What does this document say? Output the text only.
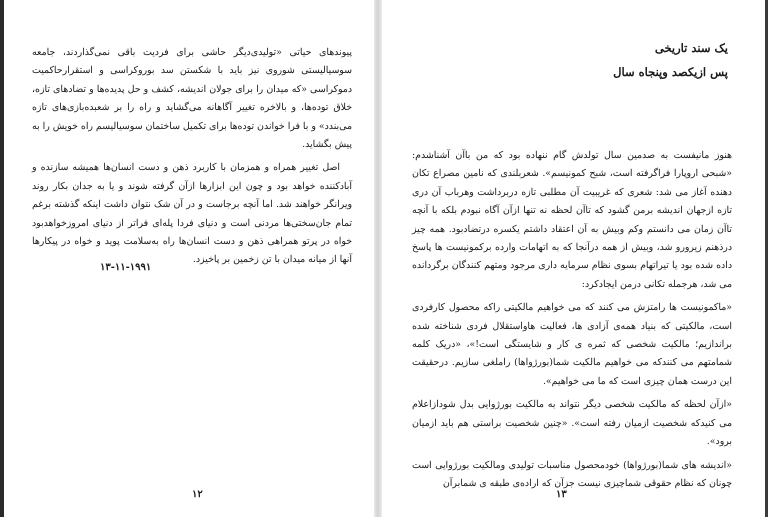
پیوندهای حیاتی «تولیدی‌دیگر حاشی برای فردیت باقی نمی‌گذاردند، جامعه سوسیالیستی شوروی نیز باید با شکستن سد بوروکراسی و استقرارحاکمیت دموکراسی «که میدان را برای جولان اندیشه، کشف و حل پدیده‌ها و تضادهای تازه، خلاق توده‌ها، و بالاخره تغییر آگاهانه می‌گشاید و راه را بر شعبده‌بازی‌های تازه می‌بندد» و با فرا خواندن توده‌ها برای تکمیل ساختمان سوسیالیسم راه خویش را به پیش بگشاید.

اصل تغییر همراه و همزمان با کاربرد ذهن و دست انسان‌ها همیشه سازنده و آبادکننده خواهد بود و چون این ابزارها ازآن گرفته شوند و یا به جدان بکار روند ویرانگر خواهند شد. اما آنچه برجاست و در آن شک نتوان داشت اینکه گذشته برغم تمام جان‌سختی‌ها مردنی است و دنیای فردا پله‌ای فراتر از دنیای امروزخواهدبود خواه در پرتو همراهی ذهن و دست انسان‌ها راه به‌سلامت پوید و خواه در پیکارها آنها از میانه میدان با تن زخمین بر پاخیزد.

۱۳-۱۱-۱۹۹۱
۱۲
یک سند تاریخی
پس ازیکصد وپنجاه سال

هنوز مانیفست به صدمین سال تولدش گام ننهاده بود که من باآن آشناشدم: «شبحی اروپارا فراگرفته است، شبح کمونیسم». شعربلندی که نامین مصراع تکان دهنده آغاز می شد: شعری که غریبیت آن مطلبی تازه دربرداشت وهرباب آن دری تازه ازجهان اندیشه برمن گشود که تاآن لحظه نه تنها ازآن آگاه نبودم بلکه با آنچه تاآن زمان می دانستم وکم وبیش به آن اعتقاد داشتم یکسره درتضادبود. همه چیز درذهنم زیرورو شد، وبیش از همه درآنجا که به اتهامات وارده برکمونیست ها پاسخ داده شده بود یا تیراتهام بسوی نظام سرمایه داری مرجود ومتهم کنندگان برگردانده می شد، هرجمله تکانی درمن ایجادکرد:

«ماکمونیست ها رامتزش می کنند که می خواهیم مالکیتی راکه محصول کارفردی است، مالکیتی که بنیاد همه‌ی آزادی ها، فعالیت هاواستقلال فردی شناخته شده براندازیم؛ مالکیت شخصی که ثمره ی کار و شایستگی است!»، «دریک کلمه شمامتهم می کنندکه می خواهیم مالکیت شما(بورژواها) راملغی سازیم. درحقیقت این درست همان چیزی است که ما می خواهیم».

«ازآن لحظه که مالکیت شخصی دیگر نتواند به مالکیت بورژوایی بدل شودازاعلام می کنیدکه شخصیت ازمیان رفته است». «چنین شخصیت براستی هم باید ازمیان برود».

«اندیشه های شما(بورژواها) خودمحصول مناسبات تولیدی ومالکیت بورژوایی است چونان که نظام حقوقی شماچیزی نیست جزآن که اراده‌ی طبقه ی شمابرآن

۱۳
